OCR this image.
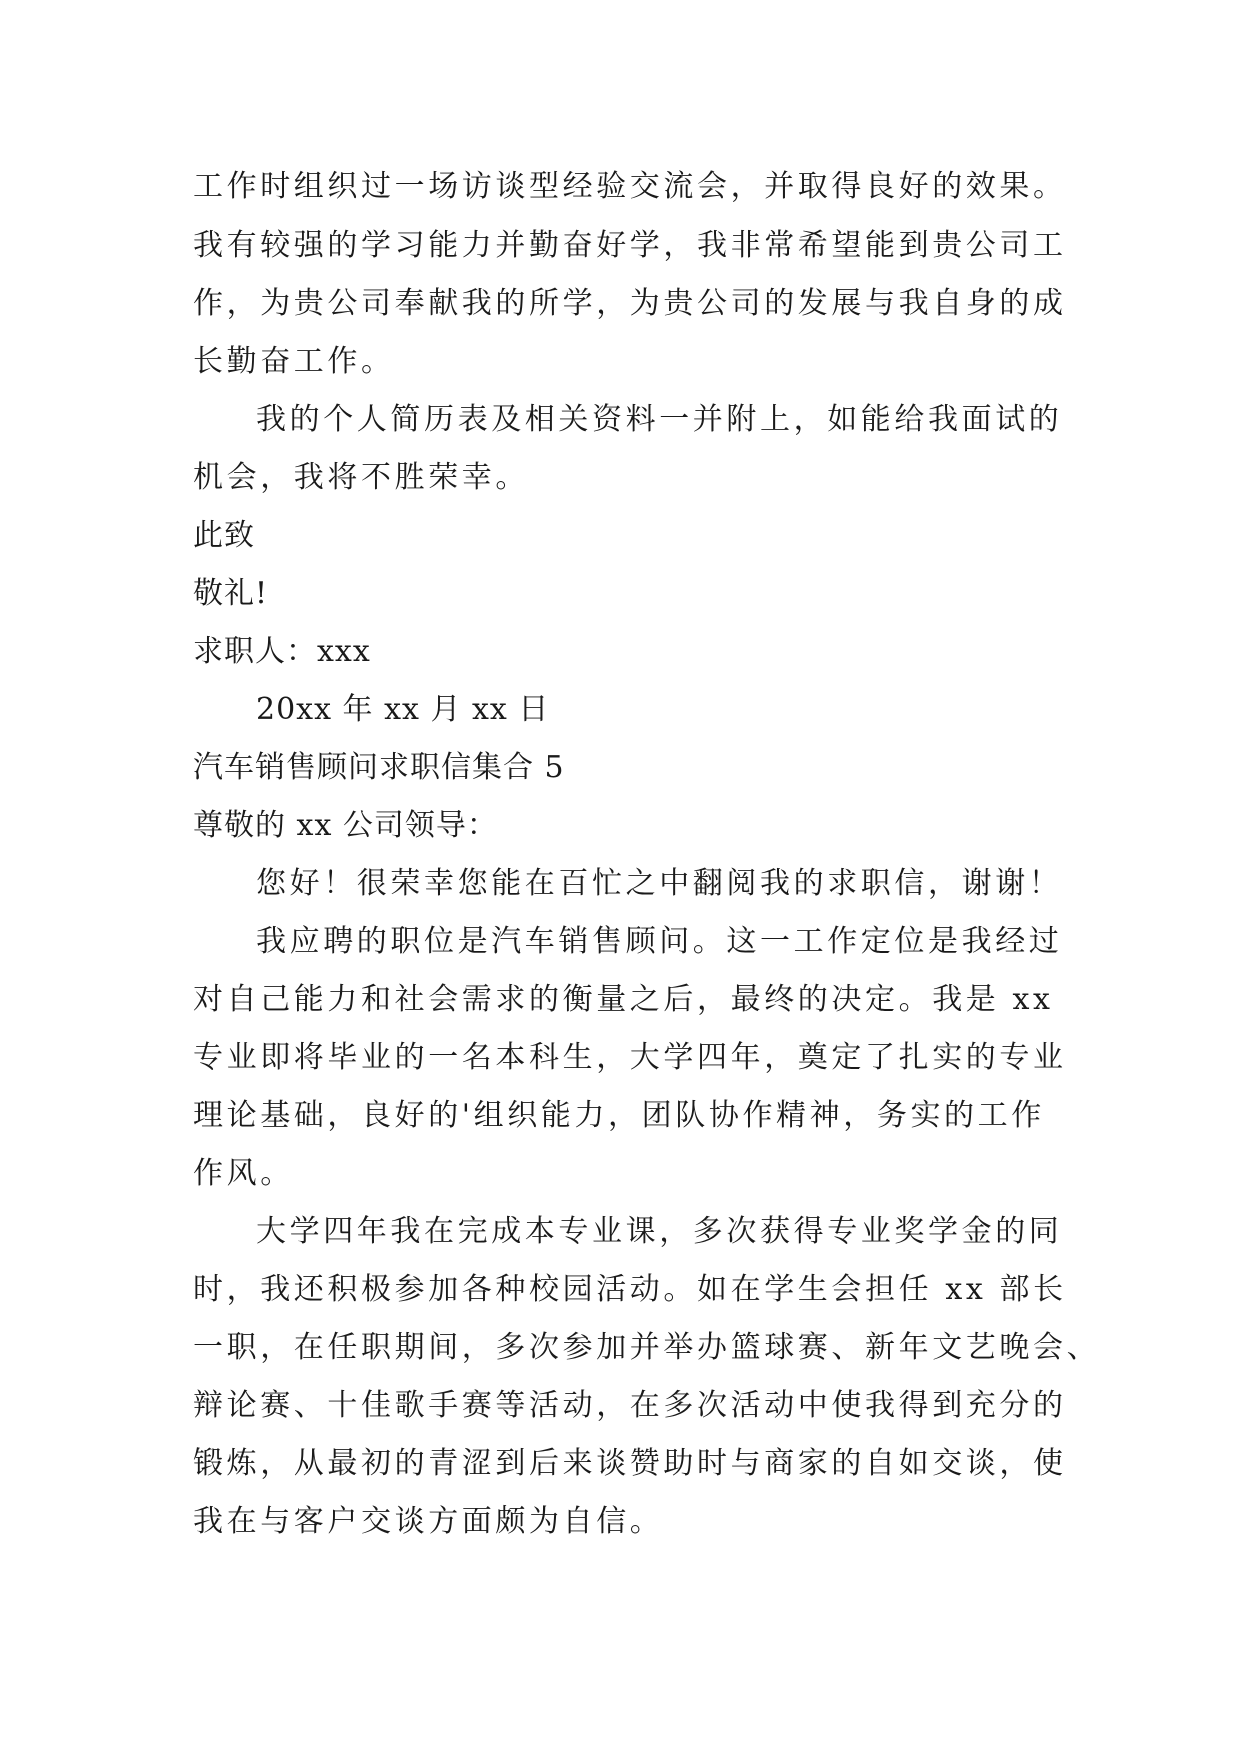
工作时组织过一场访谈型经验交流会，并取得良好的效果。
我有较强的学习能力并勤奋好学，我非常希望能到贵公司工
作，为贵公司奉献我的所学，为贵公司的发展与我自身的成
长勤奋工作。
我的个人简历表及相关资料一并附上，如能给我面试的
机会，我将不胜荣幸。
此致
敬礼!
求职人：xxx
20xx 年 xx 月 xx 日
汽车销售顾问求职信集合 5
尊敬的 xx 公司领导：
您好！很荣幸您能在百忙之中翻阅我的求职信，谢谢！
我应聘的职位是汽车销售顾问。这一工作定位是我经过
对自己能力和社会需求的衡量之后，最终的决定。我是 xx
专业即将毕业的一名本科生，大学四年，奠定了扎实的专业
理论基础，良好的'组织能力，团队协作精神，务实的工作
作风。
大学四年我在完成本专业课，多次获得专业奖学金的同
时，我还积极参加各种校园活动。如在学生会担任 xx 部长
一职，在任职期间，多次参加并举办篮球赛、新年文艺晚会、
辩论赛、十佳歌手赛等活动，在多次活动中使我得到充分的
锻炼，从最初的青涩到后来谈赞助时与商家的自如交谈，使
我在与客户交谈方面颇为自信。
